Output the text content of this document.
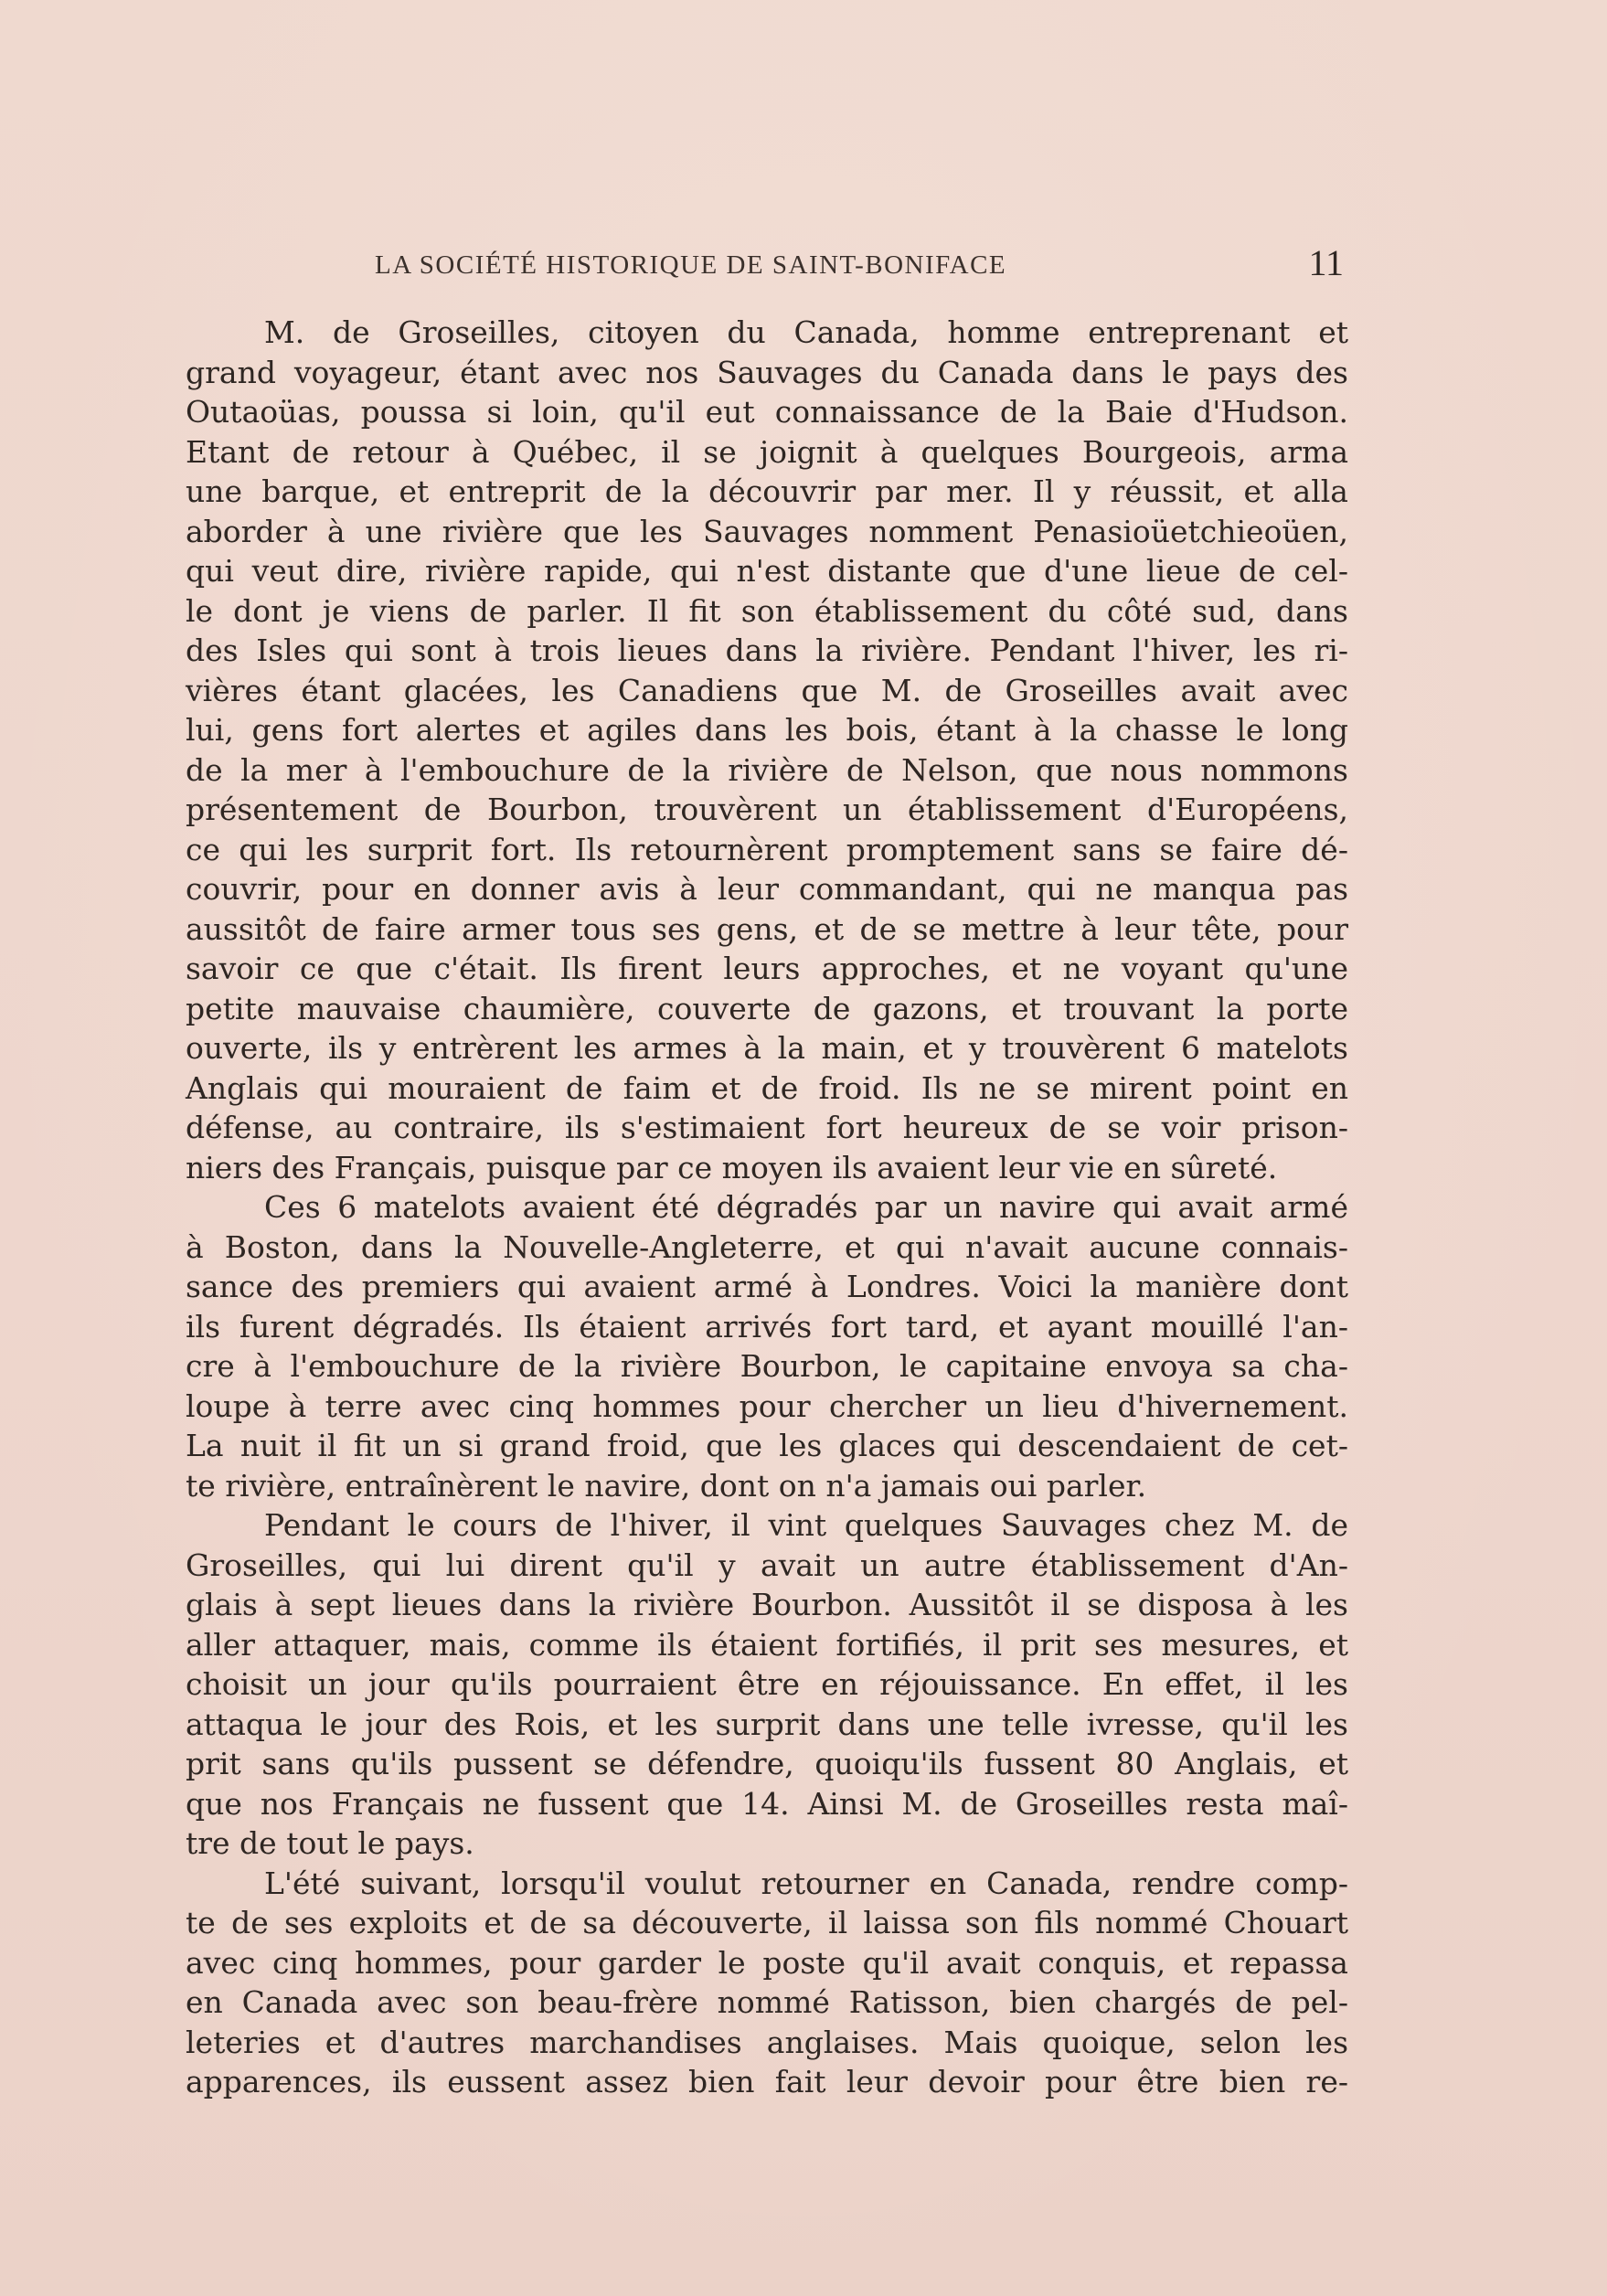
LA SOCIÉTÉ HISTORIQUE DE SAINT-BONIFACE	11
M. de Groseilles, citoyen du Canada, homme entreprenant et
grand voyageur, étant avec nos Sauvages du Canada dans le pays des
Outaoüas, poussa si loin, qu'il eut connaissance de la Baie d'Hudson.
Etant de retour à Québec, il se joignit à quelques Bourgeois, arma
une barque, et entreprit de la découvrir par mer. Il y réussit, et alla
aborder à une rivière que les Sauvages nomment Penasioüetchieoüen,
qui veut dire, rivière rapide, qui n'est distante que d'une lieue de cel-
le dont je viens de parler. Il fit son établissement du côté sud, dans
des Isles qui sont à trois lieues dans la rivière. Pendant l'hiver, les ri-
vières étant glacées, les Canadiens que M. de Groseilles avait avec
lui, gens fort alertes et agiles dans les bois, étant à la chasse le long
de la mer à l'embouchure de la rivière de Nelson, que nous nommons
présentement de Bourbon, trouvèrent un établissement d'Européens,
ce qui les surprit fort. Ils retournèrent promptement sans se faire dé-
couvrir, pour en donner avis à leur commandant, qui ne manqua pas
aussitôt de faire armer tous ses gens, et de se mettre à leur tête, pour
savoir ce que c'était. Ils firent leurs approches, et ne voyant qu'une
petite mauvaise chaumière, couverte de gazons, et trouvant la porte
ouverte, ils y entrèrent les armes à la main, et y trouvèrent 6 matelots
Anglais qui mouraient de faim et de froid. Ils ne se mirent point en
défense, au contraire, ils s'estimaient fort heureux de se voir prison-
niers des Français, puisque par ce moyen ils avaient leur vie en sûreté.
Ces 6 matelots avaient été dégradés par un navire qui avait armé
à Boston, dans la Nouvelle-Angleterre, et qui n'avait aucune connais-
sance des premiers qui avaient armé à Londres. Voici la manière dont
ils furent dégradés. Ils étaient arrivés fort tard, et ayant mouillé l'an-
cre à l'embouchure de la rivière Bourbon, le capitaine envoya sa cha-
loupe à terre avec cinq hommes pour chercher un lieu d'hivernement.
La nuit il fit un si grand froid, que les glaces qui descendaient de cet-
te rivière, entraînèrent le navire, dont on n'a jamais oui parler.
Pendant le cours de l'hiver, il vint quelques Sauvages chez M. de
Groseilles, qui lui dirent qu'il y avait un autre établissement d'An-
glais à sept lieues dans la rivière Bourbon. Aussitôt il se disposa à les
aller attaquer, mais, comme ils étaient fortifiés, il prit ses mesures, et
choisit un jour qu'ils pourraient être en réjouissance. En effet, il les
attaqua le jour des Rois, et les surprit dans une telle ivresse, qu'il les
prit sans qu'ils pussent se défendre, quoiqu'ils fussent 80 Anglais, et
que nos Français ne fussent que 14. Ainsi M. de Groseilles resta maî-
tre de tout le pays.
L'été suivant, lorsqu'il voulut retourner en Canada, rendre comp-
te de ses exploits et de sa découverte, il laissa son fils nommé Chouart
avec cinq hommes, pour garder le poste qu'il avait conquis, et repassa
en Canada avec son beau-frère nommé Ratisson, bien chargés de pel-
leteries et d'autres marchandises anglaises. Mais quoique, selon les
apparences, ils eussent assez bien fait leur devoir pour être bien re-
